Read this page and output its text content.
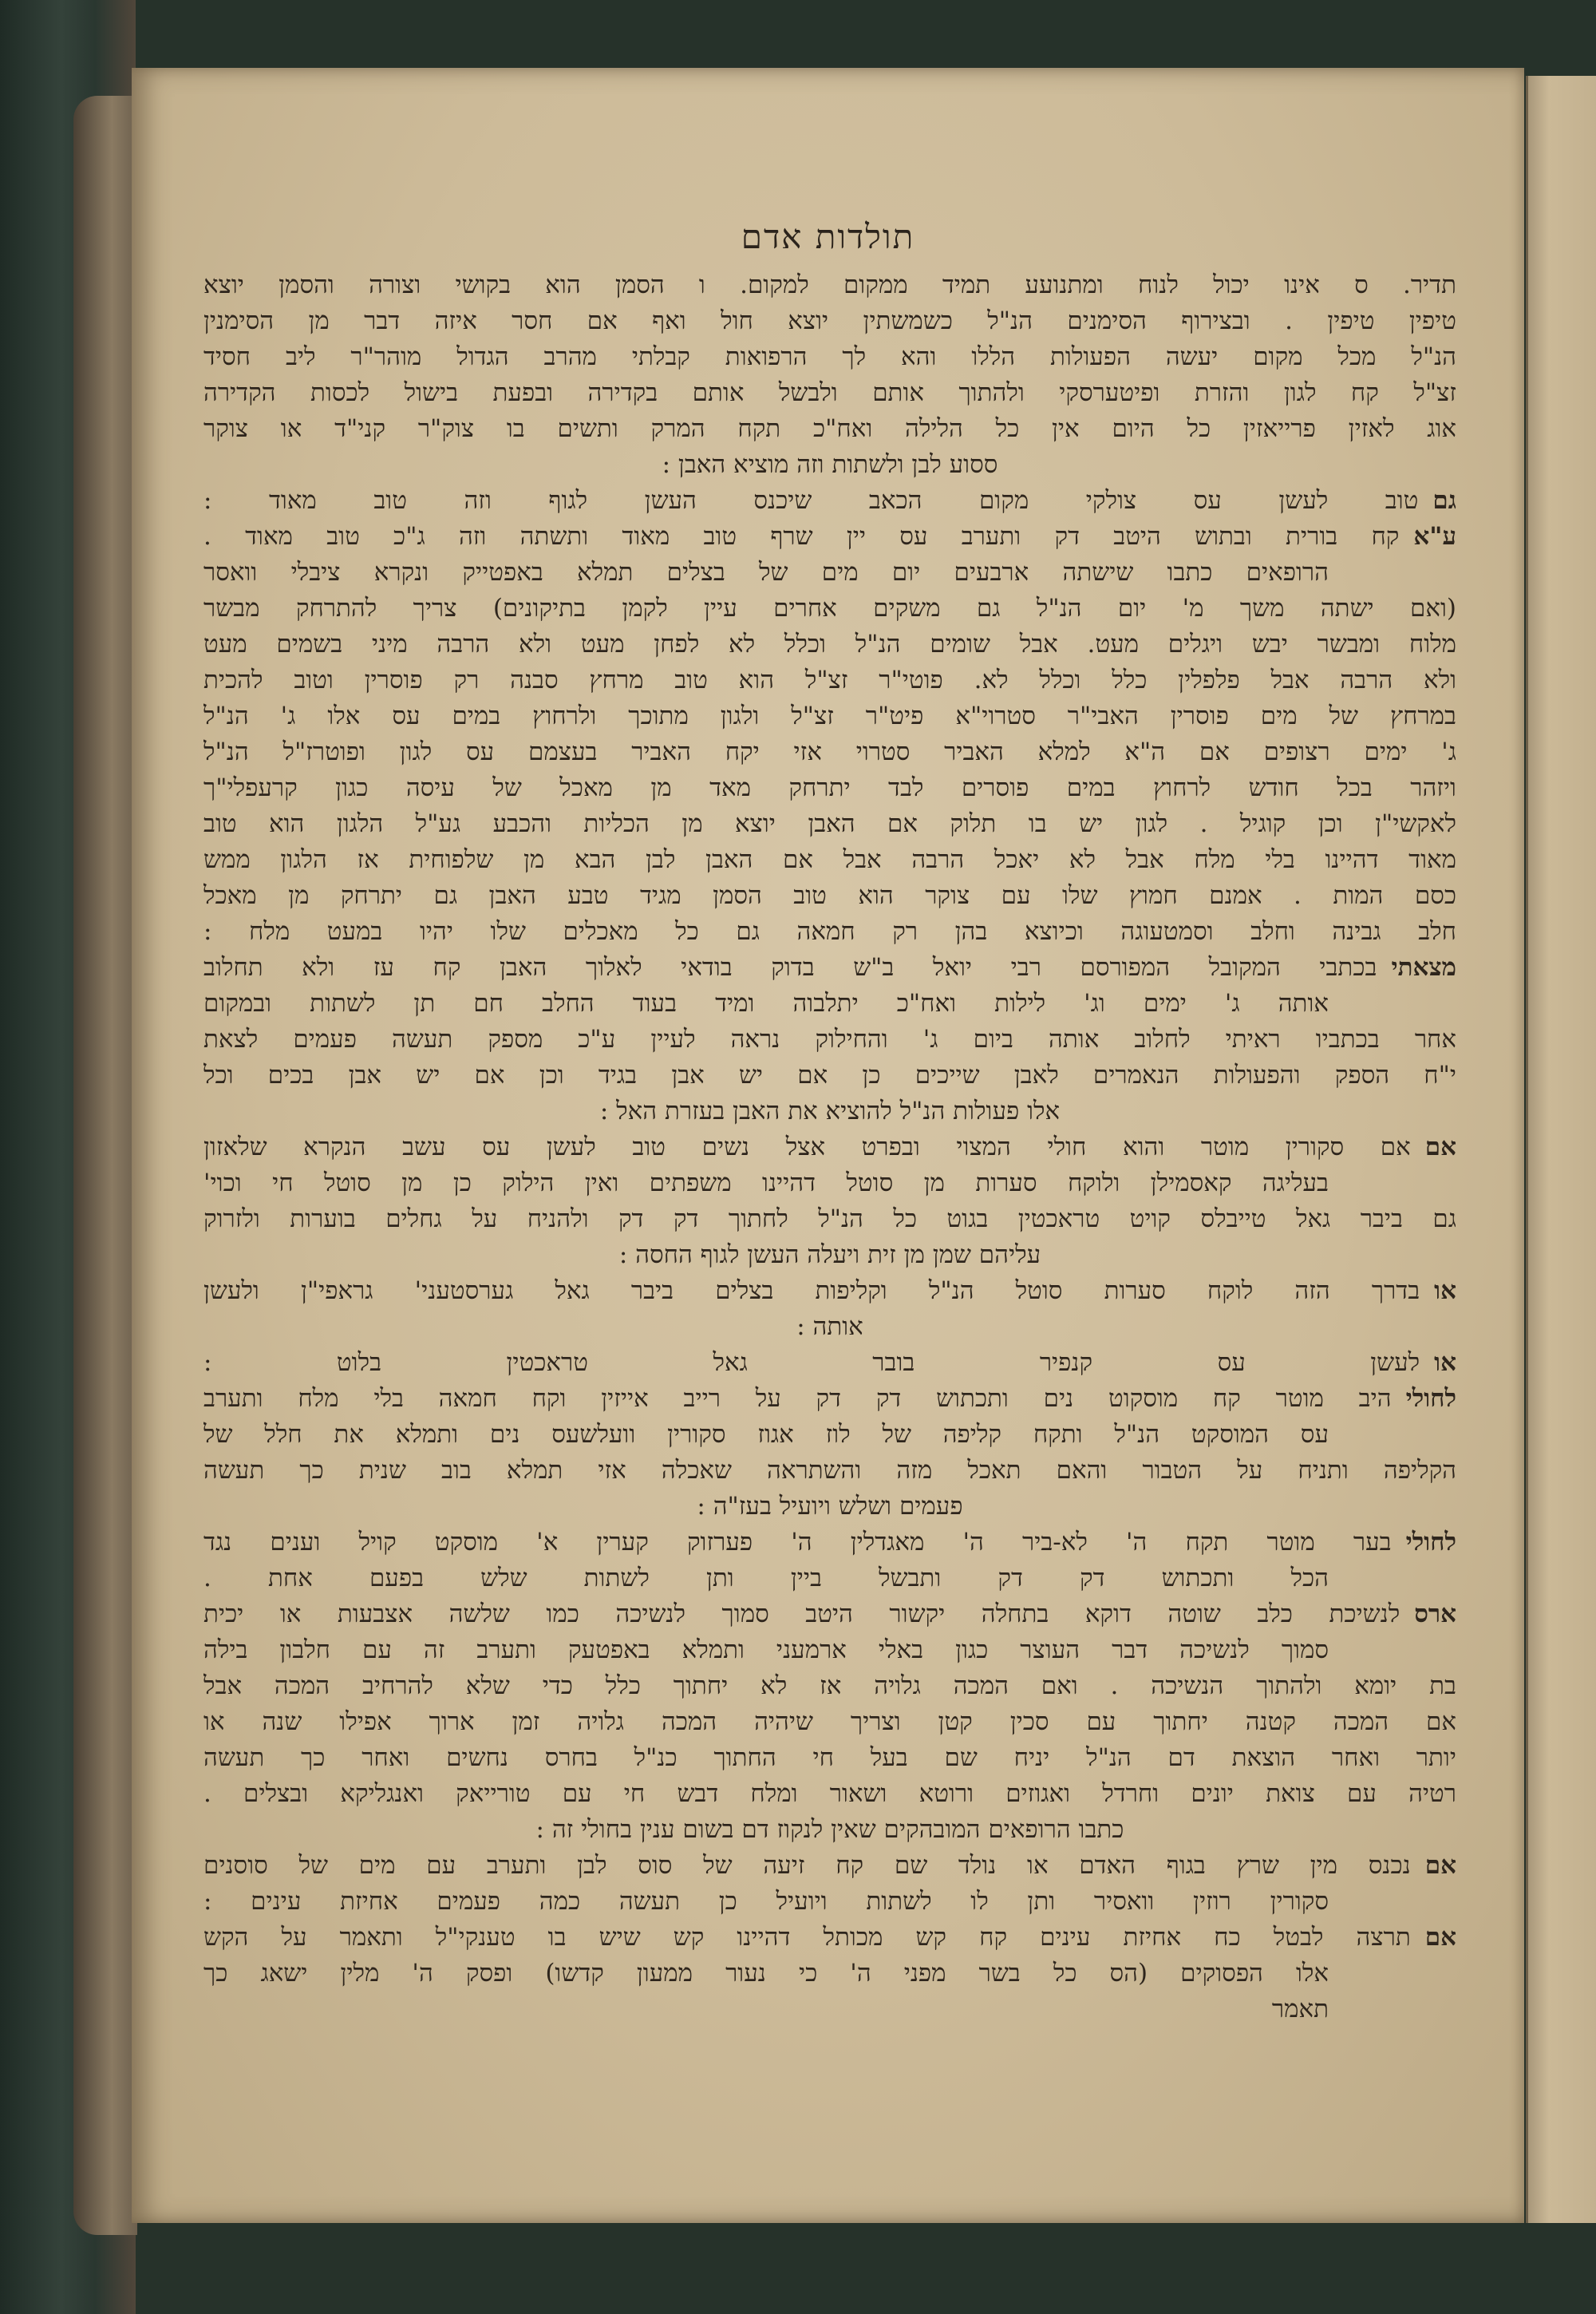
תולדות אדם
תדיר. ס אינו יכול לנוח ומתנועע תמיד ממקום למקום. ו הסמן הוא בקושי וצורה והסמן יוצא
טיפין טיפין . ובצירוף הסימנים הנ"ל כשמשתין יוצא חול ואף אם חסר איזה דבר מן הסימנין
הנ"ל מכל מקום יעשה הפעולות הללו והא לך הרפואות קבלתי מהרב הגדול מוהר"ר ליב חסיד
זצ"ל קח לגון והזרת ופיטערסקי ולהתוך אותם ולבשל אותם בקדירה ובפעת בישול לכסות הקדירה
אוג לאזין פרייאזין כל היום אין כל הלילה ואח"כ תקח המרק ותשים בו צוק"ר קני"ד או צוקר
ססוע לבן ולשתות וזה מוציא האבן :
גםטוב לעשן עס צולקי מקום הכאב שיכנס העשן לגוף וזה טוב מאוד :
ע"אקח בורית ובתוש היטב דק ותערב עס יין שרף טוב מאוד ותשתה וזה ג"כ טוב מאוד .
הרופאים כתבו שישתה ארבעים יום מים של בצלים תמלא באפטייק ונקרא ציבלי וואסר
(ואם ישתה משך מ' יום הנ"ל גם משקים אחרים עיין לקמן בתיקונים) צריך להתרחק מבשר
מלוח ומבשר יבש ויגלים מעט. אבל שומים הנ"ל וכלל לא לפחן מעט ולא הרבה מיני בשמים מעט
ולא הרבה אבל פלפלין כלל וכלל לא. פוטי"ר זצ"ל הוא טוב מרחץ סבנה רק פוסרין וטוב להכית
במרחץ של מים פוסרין האבי"ר סטרוי"א פיט"ר זצ"ל ולגון מתוכך ולרחוץ במים עס אלו ג' הנ"ל
ג' ימים רצופים אם ה"א למלא האביר סטרוי אזי יקח האביר בעצמם עס לגון ופוטרז"ל הנ"ל
ויזהר בכל חודש לרחוץ במים פוסרים לבד יתרחק מאד מן מאכל של עיסה כגון קרעפלי"ך
לאקשי"ן וכן קוגיל . לגון יש בו תלוק אם האבן יוצא מן הכליות והכבע גע"ל הלגון הוא טוב
מאוד דהיינו בלי מלח אבל לא יאכל הרבה אבל אם האבן לבן הבא מן שלפוחית אז הלגון ממש
כסם המות . אמנם חמוץ שלו עם צוקר הוא טוב הסמן מגיד טבע האבן גם יתרחק מן מאכל
חלב גבינה וחלב וסמטעוגה וכיוצא בהן רק חמאה גם כל מאכלים שלו יהיו במעט מלח :
מצאתיבכתבי המקובל המפורסם רבי יואל ב"ש בדוק בודאי לאלוך האבן קח עז ולא תחלוב
אותה ג' ימים וג' לילות ואח"כ יתלבוה ומיד בעוד החלב חם תן לשתות ובמקום
אחר בכתביו ראיתי לחלוב אותה ביום ג' והחילוק נראה לעיין ע"כ מספק תעשה פעמים לצאת
י"ח הספק והפעולות הנאמרים לאבן שייכים כן אם יש אבן בגיד וכן אם יש אבן בכים וכל
אלו פעולות הנ"ל להוציא את האבן בעזרת האל :
אםאם סקורין מוטר והוא חולי המצוי ובפרט אצל נשים טוב לעשן עס עשב הנקרא שלאזון
בעליגה קאסמילן ולוקח סערות מן סוטל דהיינו משפתים ואין הילוק כן מן סוטל חי וכוי'
גם ביבר גאל טייבלס קויט טראכטין בגוט כל הנ"ל לחתוך דק דק ולהניח על גחלים בוערות ולזרוק
עליהם שמן מן זית ויעלה העשן לגוף החסה :
אובדרך הזה לוקח סערות סוטל הנ"ל וקליפות בצלים ביבר גאל גערסטעני' גראפי"ן ולעשן
אותה :
אולעשן עס קנפיר בובר גאל טראכטין בלוט :
לחוליהיב מוטר קח מוסקוט נים ותכתוש דק דק על רייב אייזין וקח חמאה בלי מלח ותערב
עס המוסקט הנ"ל ותקח קליפה של לוז אגוז סקורין וועלשעס נים ותמלא את חלל של
הקליפה ותניח על הטבור והאם תאכל מזה והשתראה שאכלה אזי תמלא בוב שנית כך תעשה
פעמים ושלש ויועיל בעז"ה :
לחוליבער מוטר תקח ה' לא-ביר ה' מאגדלין ה' פערזוק קערין א' מוסקט קויל וענים נגד
הכל ותכתוש דק דק ותבשל ביין ותן לשתות שלש בפעם אחת .
ארסלנשיכת כלב שוטה דוקא בתחלה יקשור היטב סמוך לנשיכה כמו שלשה אצבעות או יכית
סמוך לנשיכה דבר העוצר כגון באלי ארמעני ותמלא באפטעק ותערב זה עם חלבון בילה
בת יומא ולהתוך הנשיכה . ואם המכה גלויה אז לא יחתוך כלל כדי שלא להרחיב המכה אבל
אם המכה קטנה יחתוך עם סכין קטן וצריך שיהיה המכה גלויה זמן ארוך אפילו שנה או
יותר ואחר הוצאת דם הנ"ל יניח שם בעל חי החתוך כנ"ל בחרס נחשים ואחר כך תעשה
רטיה עם צואת יונים וחרדל ואגוזים ורוטא ושאור ומלח דבש חי עם טורייאק ואנגליקא ובצלים .
כתבו הרופאים המובהקים שאין לנקוז דם בשום ענין בחולי זה :
אםנכנס מין שרץ בגוף האדם או נולד שם קח זיעה של סוס לבן ותערב עם מים של סוסנים
סקורין רוזין וואסיר ותן לו לשתות ויועיל כן תעשה כמה פעמים אחיזת עינים :
אםתרצה לבטל כח אחיזת עינים קח קש מכותל דהיינו קש שיש בו טענקי"ל ותאמר על הקש
אלו הפסוקים (הס כל בשר מפני ה' כי נעור ממעון קדשו) ופסק ה' מלין ישאג כך
תאמר
